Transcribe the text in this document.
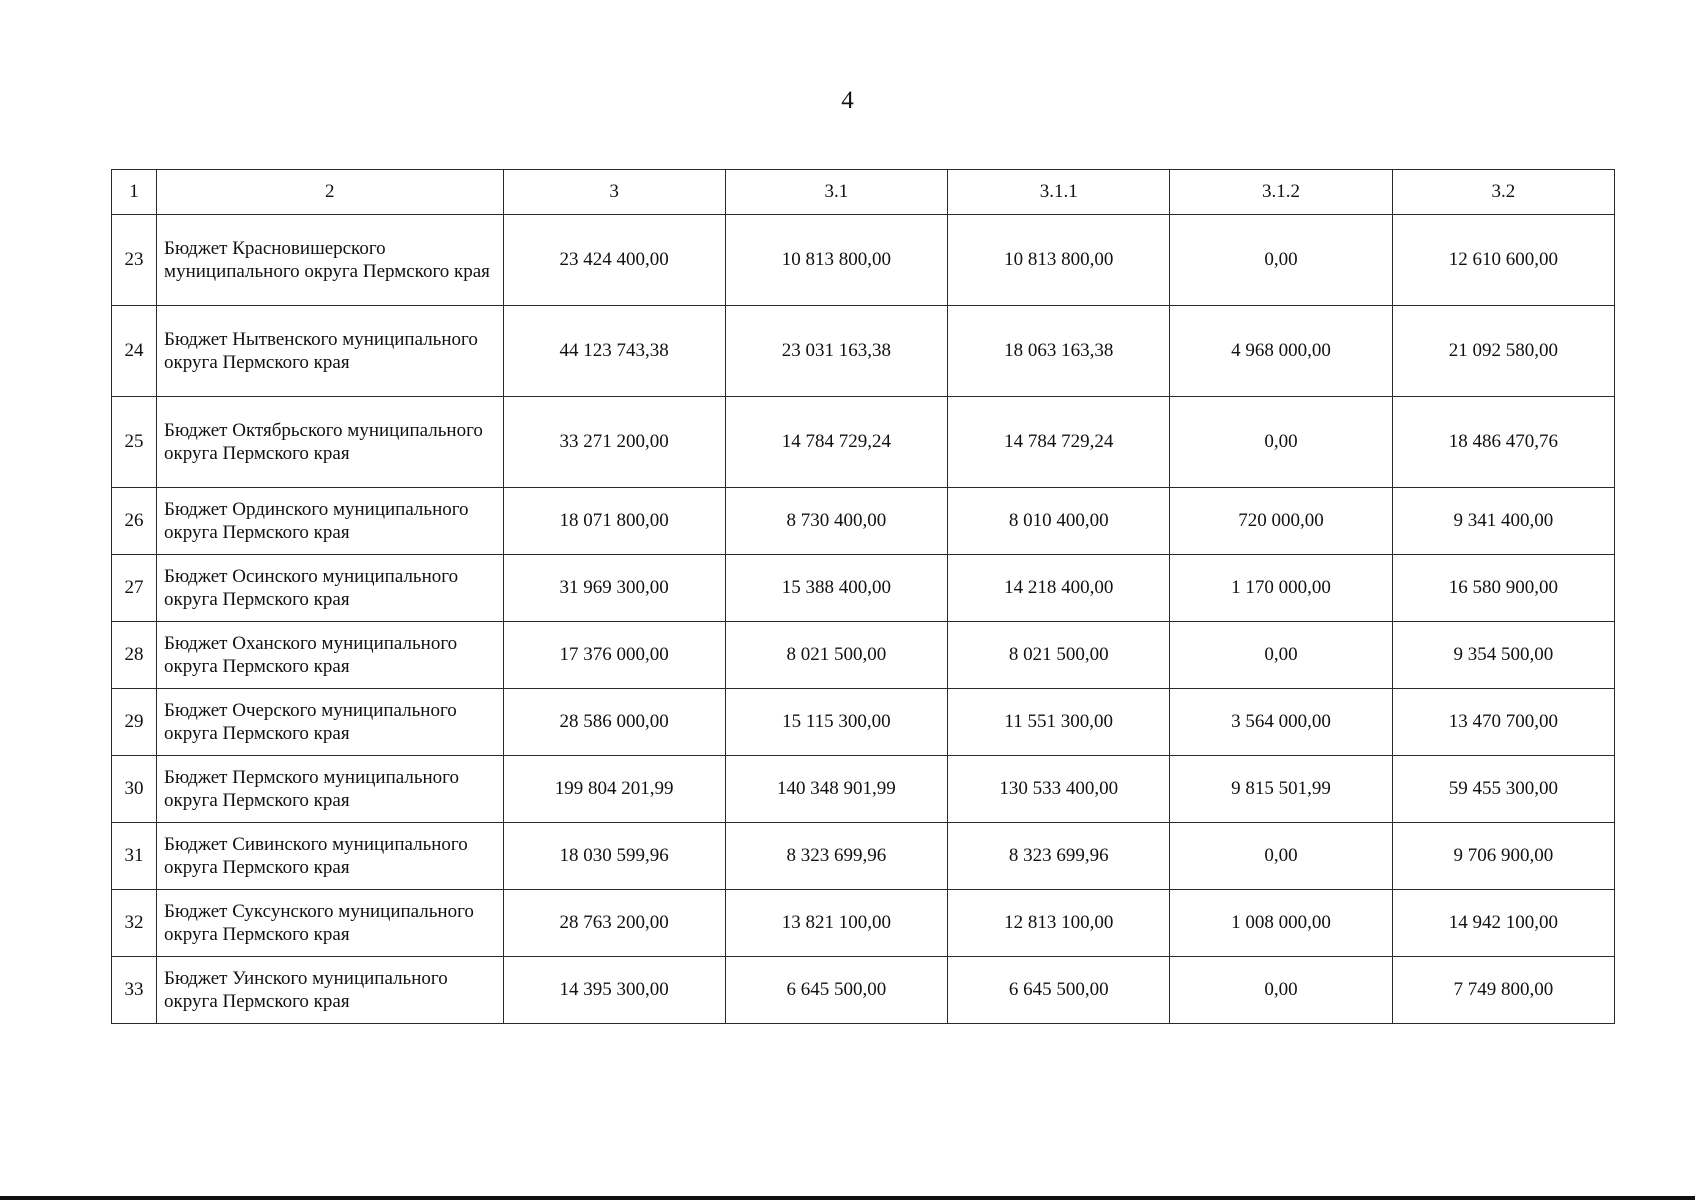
4
1	2	3	3.1	3.1.1	3.1.2	3.2
23	Бюджет Красновишерского муниципального округа Пермского края	23 424 400,00	10 813 800,00	10 813 800,00	0,00	12 610 600,00
24	Бюджет Нытвенского муниципального округа Пермского края	44 123 743,38	23 031 163,38	18 063 163,38	4 968 000,00	21 092 580,00
25	Бюджет Октябрьского муниципального округа Пермского края	33 271 200,00	14 784 729,24	14 784 729,24	0,00	18 486 470,76
26	Бюджет Ординского муниципального округа Пермского края	18 071 800,00	8 730 400,00	8 010 400,00	720 000,00	9 341 400,00
27	Бюджет Осинского муниципального округа Пермского края	31 969 300,00	15 388 400,00	14 218 400,00	1 170 000,00	16 580 900,00
28	Бюджет Оханского муниципального округа Пермского края	17 376 000,00	8 021 500,00	8 021 500,00	0,00	9 354 500,00
29	Бюджет Очерского муниципального округа Пермского края	28 586 000,00	15 115 300,00	11 551 300,00	3 564 000,00	13 470 700,00
30	Бюджет Пермского муниципального округа Пермского края	199 804 201,99	140 348 901,99	130 533 400,00	9 815 501,99	59 455 300,00
31	Бюджет Сивинского муниципального округа Пермского края	18 030 599,96	8 323 699,96	8 323 699,96	0,00	9 706 900,00
32	Бюджет Суксунского муниципального округа Пермского края	28 763 200,00	13 821 100,00	12 813 100,00	1 008 000,00	14 942 100,00
33	Бюджет Уинского муниципального округа Пермского края	14 395 300,00	6 645 500,00	6 645 500,00	0,00	7 749 800,00
